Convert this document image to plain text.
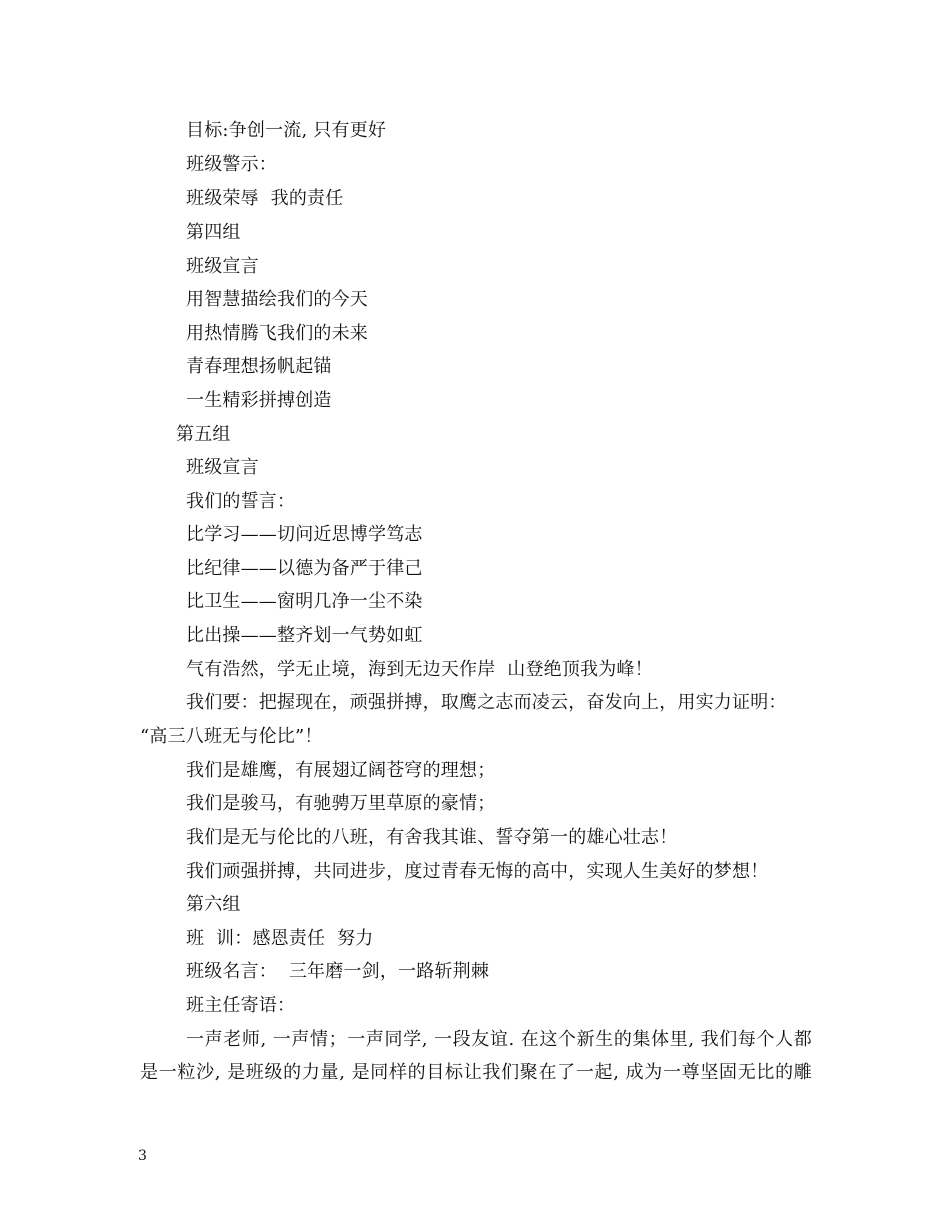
目标:争创一流, 只有更好
班级警示：
班级荣辱  我的责任
第四组
班级宣言
用智慧描绘我们的今天
用热情腾飞我们的未来
青春理想扬帆起锚
一生精彩拼搏创造
第五组
班级宣言
我们的誓言：
比学习——切问近思博学笃志
比纪律——以德为备严于律己
比卫生——窗明几净一尘不染
比出操——整齐划一气势如虹
气有浩然，学无止境，海到无边天作岸  山登绝顶我为峰！
我们要：把握现在，顽强拼搏，取鹰之志而凌云，奋发向上，用实力证明：
“高三八班无与伦比”！
我们是雄鹰，有展翅辽阔苍穹的理想；
我们是骏马，有驰骋万里草原的豪情；
我们是无与伦比的八班，有舍我其谁、誓夺第一的雄心壮志！
我们顽强拼搏，共同进步，度过青春无悔的高中，实现人生美好的梦想！
第六组
班  训：感恩责任  努力
班级名言：  三年磨一剑，一路斩荆棘
班主任寄语：
一声老师, 一声情；一声同学, 一段友谊. 在这个新生的集体里, 我们每个人都
是一粒沙, 是班级的力量, 是同样的目标让我们聚在了一起, 成为一尊坚固无比的雕
3
